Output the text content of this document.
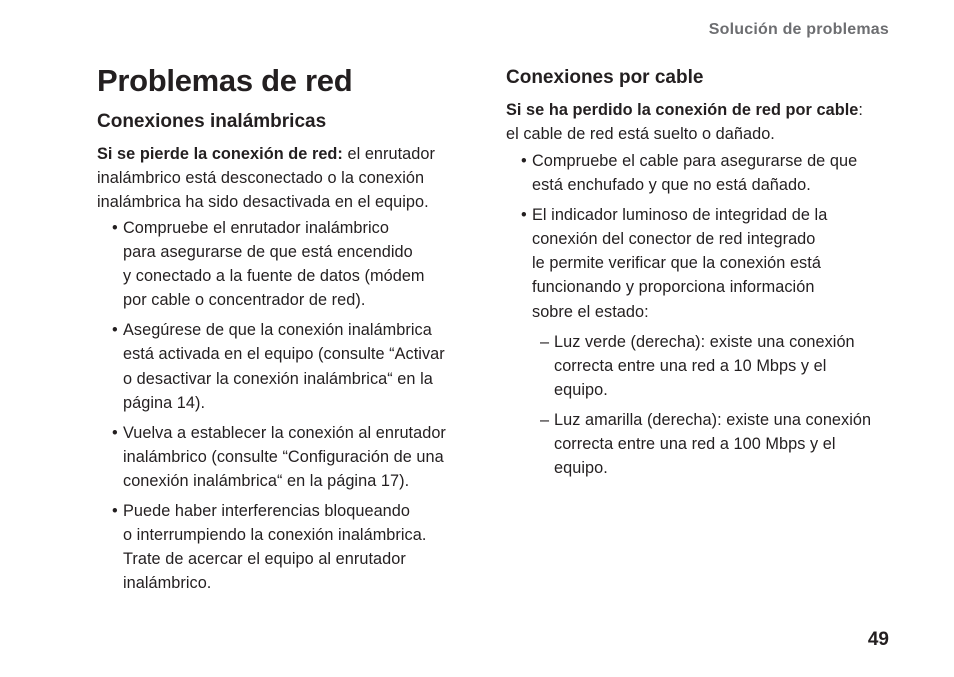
Solución de problemas
Problemas de red
Conexiones inalámbricas

Si se pierde la conexión de red: el enrutador
inalámbrico está desconectado o la conexión
inalámbrica ha sido desactivada en el equipo.

• Compruebe el enrutador inalámbrico
para asegurarse de que está encendido
y conectado a la fuente de datos (módem
por cable o concentrador de red).
• Asegúrese de que la conexión inalámbrica
está activada en el equipo (consulte “Activar
o desactivar la conexión inalámbrica“ en la
página 14).
• Vuelva a establecer la conexión al enrutador
inalámbrico (consulte “Configuración de una
conexión inalámbrica“ en la página 17).
• Puede haber interferencias bloqueando
o interrumpiendo la conexión inalámbrica.
Trate de acercar el equipo al enrutador
inalámbrico.
Conexiones por cable

Si se ha perdido la conexión de red por cable:
el cable de red está suelto o dañado.

• Compruebe el cable para asegurarse de que
está enchufado y que no está dañado.
• El indicador luminoso de integridad de la
conexión del conector de red integrado
le permite verificar que la conexión está
funcionando y proporciona información
sobre el estado:
– Luz verde (derecha): existe una conexión
correcta entre una red a 10 Mbps y el
equipo.
– Luz amarilla (derecha): existe una conexión
correcta entre una red a 100 Mbps y el
equipo.
49
